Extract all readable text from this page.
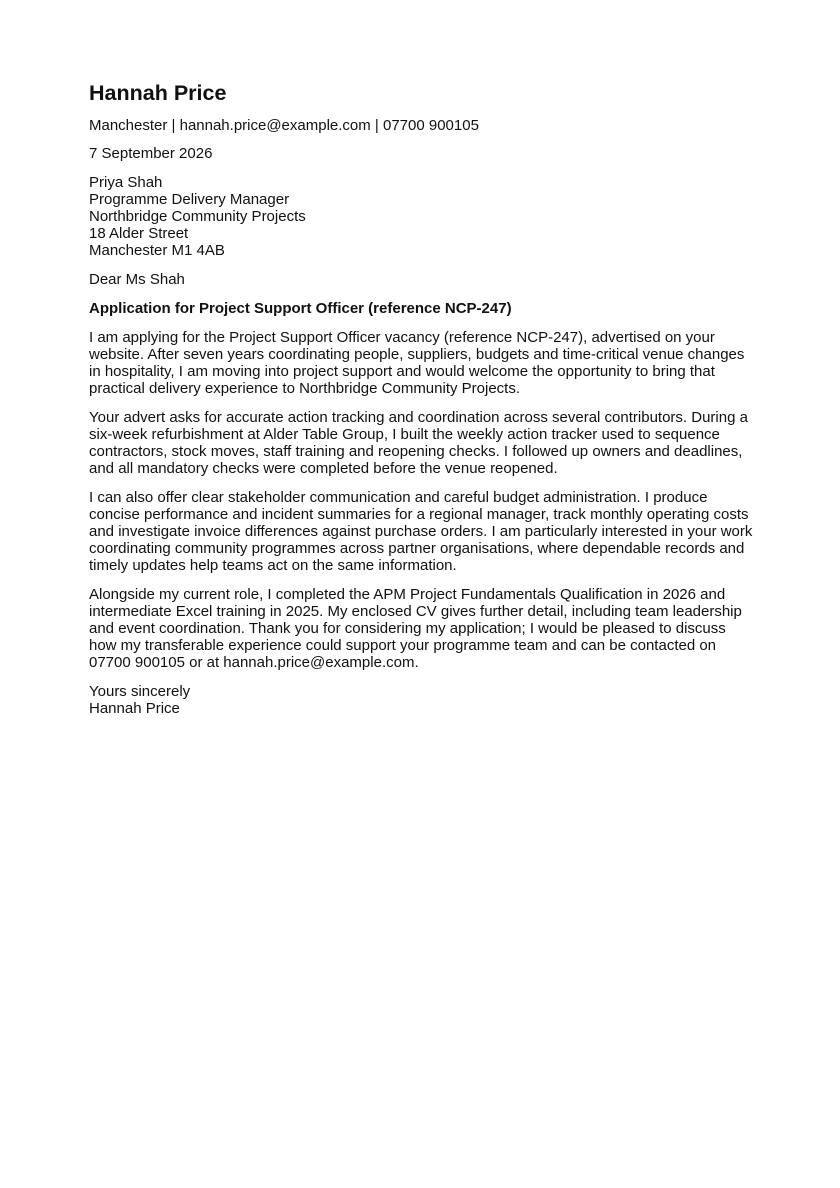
Hannah Price

Manchester | hannah.price@example.com | 07700 900105

7 September 2026

Priya Shah
Programme Delivery Manager
Northbridge Community Projects
18 Alder Street
Manchester M1 4AB

Dear Ms Shah

Application for Project Support Officer (reference NCP-247)

I am applying for the Project Support Officer vacancy (reference NCP-247), advertised on your website. After seven years coordinating people, suppliers, budgets and time-critical venue changes in hospitality, I am moving into project support and would welcome the opportunity to bring that practical delivery experience to Northbridge Community Projects.

Your advert asks for accurate action tracking and coordination across several contributors. During a six-week refurbishment at Alder Table Group, I built the weekly action tracker used to sequence contractors, stock moves, staff training and reopening checks. I followed up owners and deadlines, and all mandatory checks were completed before the venue reopened.

I can also offer clear stakeholder communication and careful budget administration. I produce concise performance and incident summaries for a regional manager, track monthly operating costs and investigate invoice differences against purchase orders. I am particularly interested in your work coordinating community programmes across partner organisations, where dependable records and timely updates help teams act on the same information.

Alongside my current role, I completed the APM Project Fundamentals Qualification in 2026 and intermediate Excel training in 2025. My enclosed CV gives further detail, including team leadership and event coordination. Thank you for considering my application; I would be pleased to discuss how my transferable experience could support your programme team and can be contacted on 07700 900105 or at hannah.price@example.com.

Yours sincerely
Hannah Price
